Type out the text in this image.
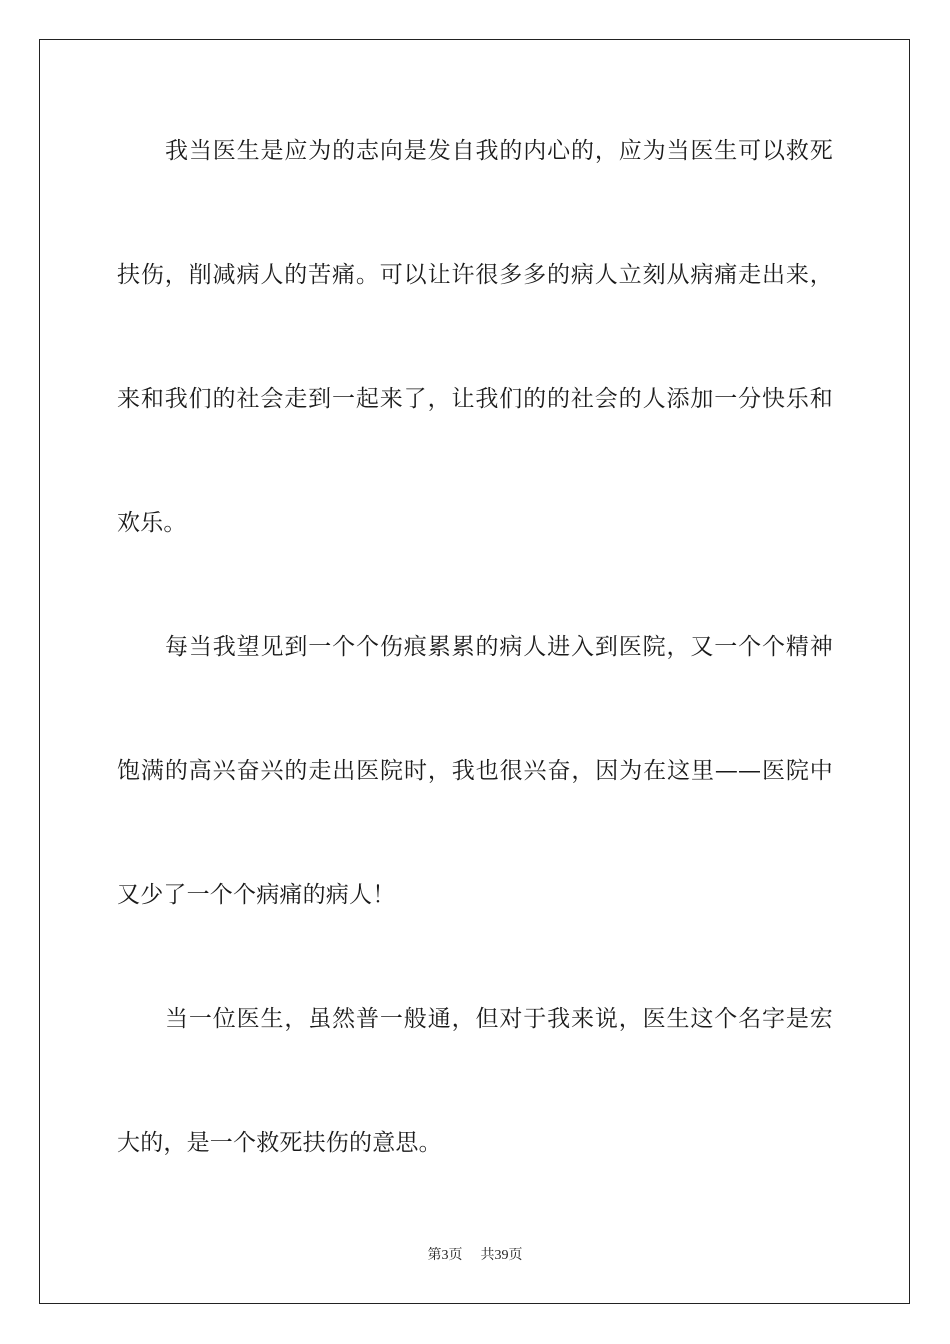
我当医生是应为的志向是发自我的内心的，应为当医生可以救死
扶伤，削减病人的苦痛。可以让许很多多的病人立刻从病痛走出来，
来和我们的社会走到一起来了，让我们的的社会的人添加一分快乐和
欢乐。
每当我望见到一个个伤痕累累的病人进入到医院，又一个个精神
饱满的高兴奋兴的走出医院时，我也很兴奋，因为在这里——医院中
又少了一个个病痛的病人！
当一位医生，虽然普一般通，但对于我来说，医生这个名字是宏
大的，是一个救死扶伤的意思。
第3页 共39页
